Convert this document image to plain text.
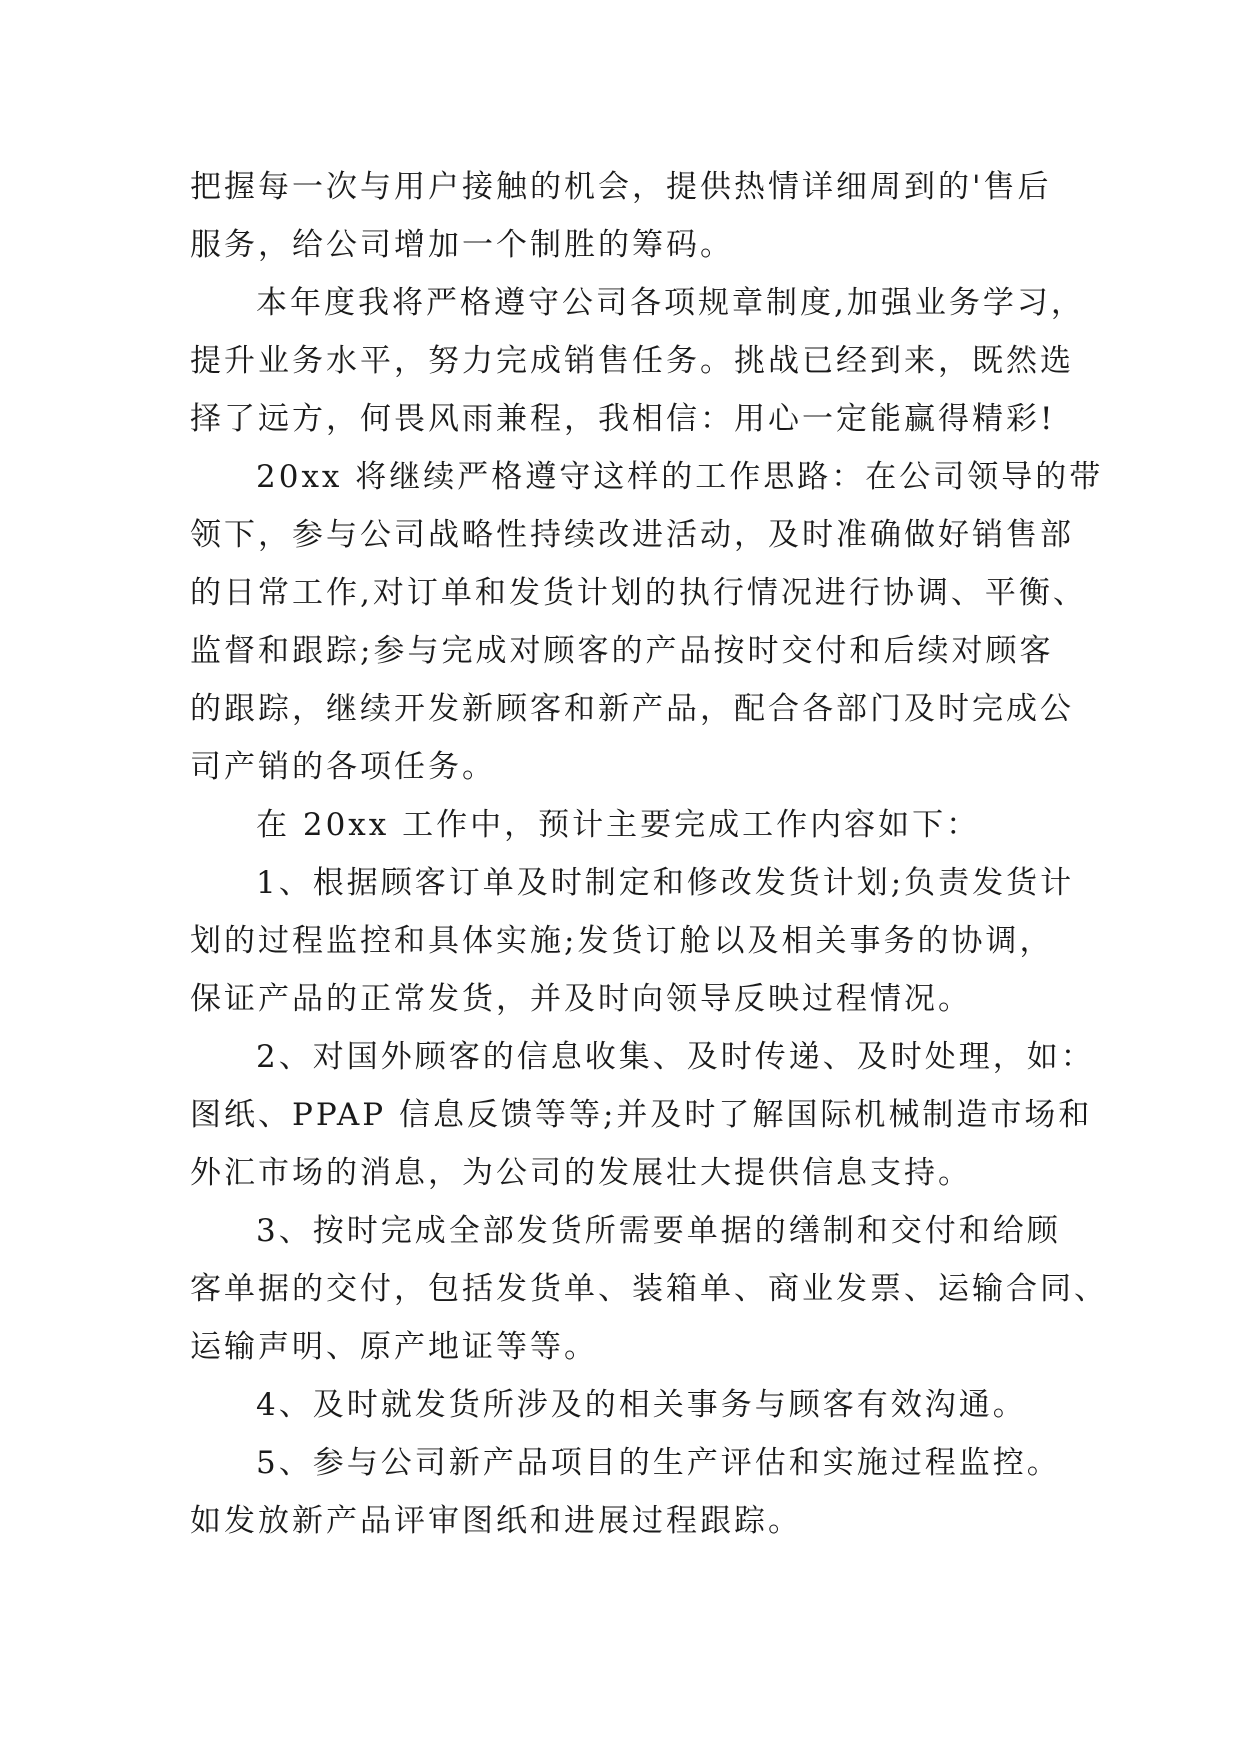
把握每一次与用户接触的机会，提供热情详细周到的'售后
服务，给公司增加一个制胜的筹码。
本年度我将严格遵守公司各项规章制度,加强业务学习，
提升业务水平，努力完成销售任务。挑战已经到来，既然选
择了远方，何畏风雨兼程，我相信：用心一定能赢得精彩!
20xx 将继续严格遵守这样的工作思路：在公司领导的带
领下，参与公司战略性持续改进活动，及时准确做好销售部
的日常工作,对订单和发货计划的执行情况进行协调、平衡、
监督和跟踪;参与完成对顾客的产品按时交付和后续对顾客
的跟踪，继续开发新顾客和新产品，配合各部门及时完成公
司产销的各项任务。
在 20xx 工作中，预计主要完成工作内容如下：
1、根据顾客订单及时制定和修改发货计划;负责发货计
划的过程监控和具体实施;发货订舱以及相关事务的协调，
保证产品的正常发货，并及时向领导反映过程情况。
2、对国外顾客的信息收集、及时传递、及时处理，如：
图纸、PPAP 信息反馈等等;并及时了解国际机械制造市场和
外汇市场的消息，为公司的发展壮大提供信息支持。
3、按时完成全部发货所需要单据的缮制和交付和给顾
客单据的交付，包括发货单、装箱单、商业发票、运输合同、
运输声明、原产地证等等。
4、及时就发货所涉及的相关事务与顾客有效沟通。
5、参与公司新产品项目的生产评估和实施过程监控。
如发放新产品评审图纸和进展过程跟踪。
